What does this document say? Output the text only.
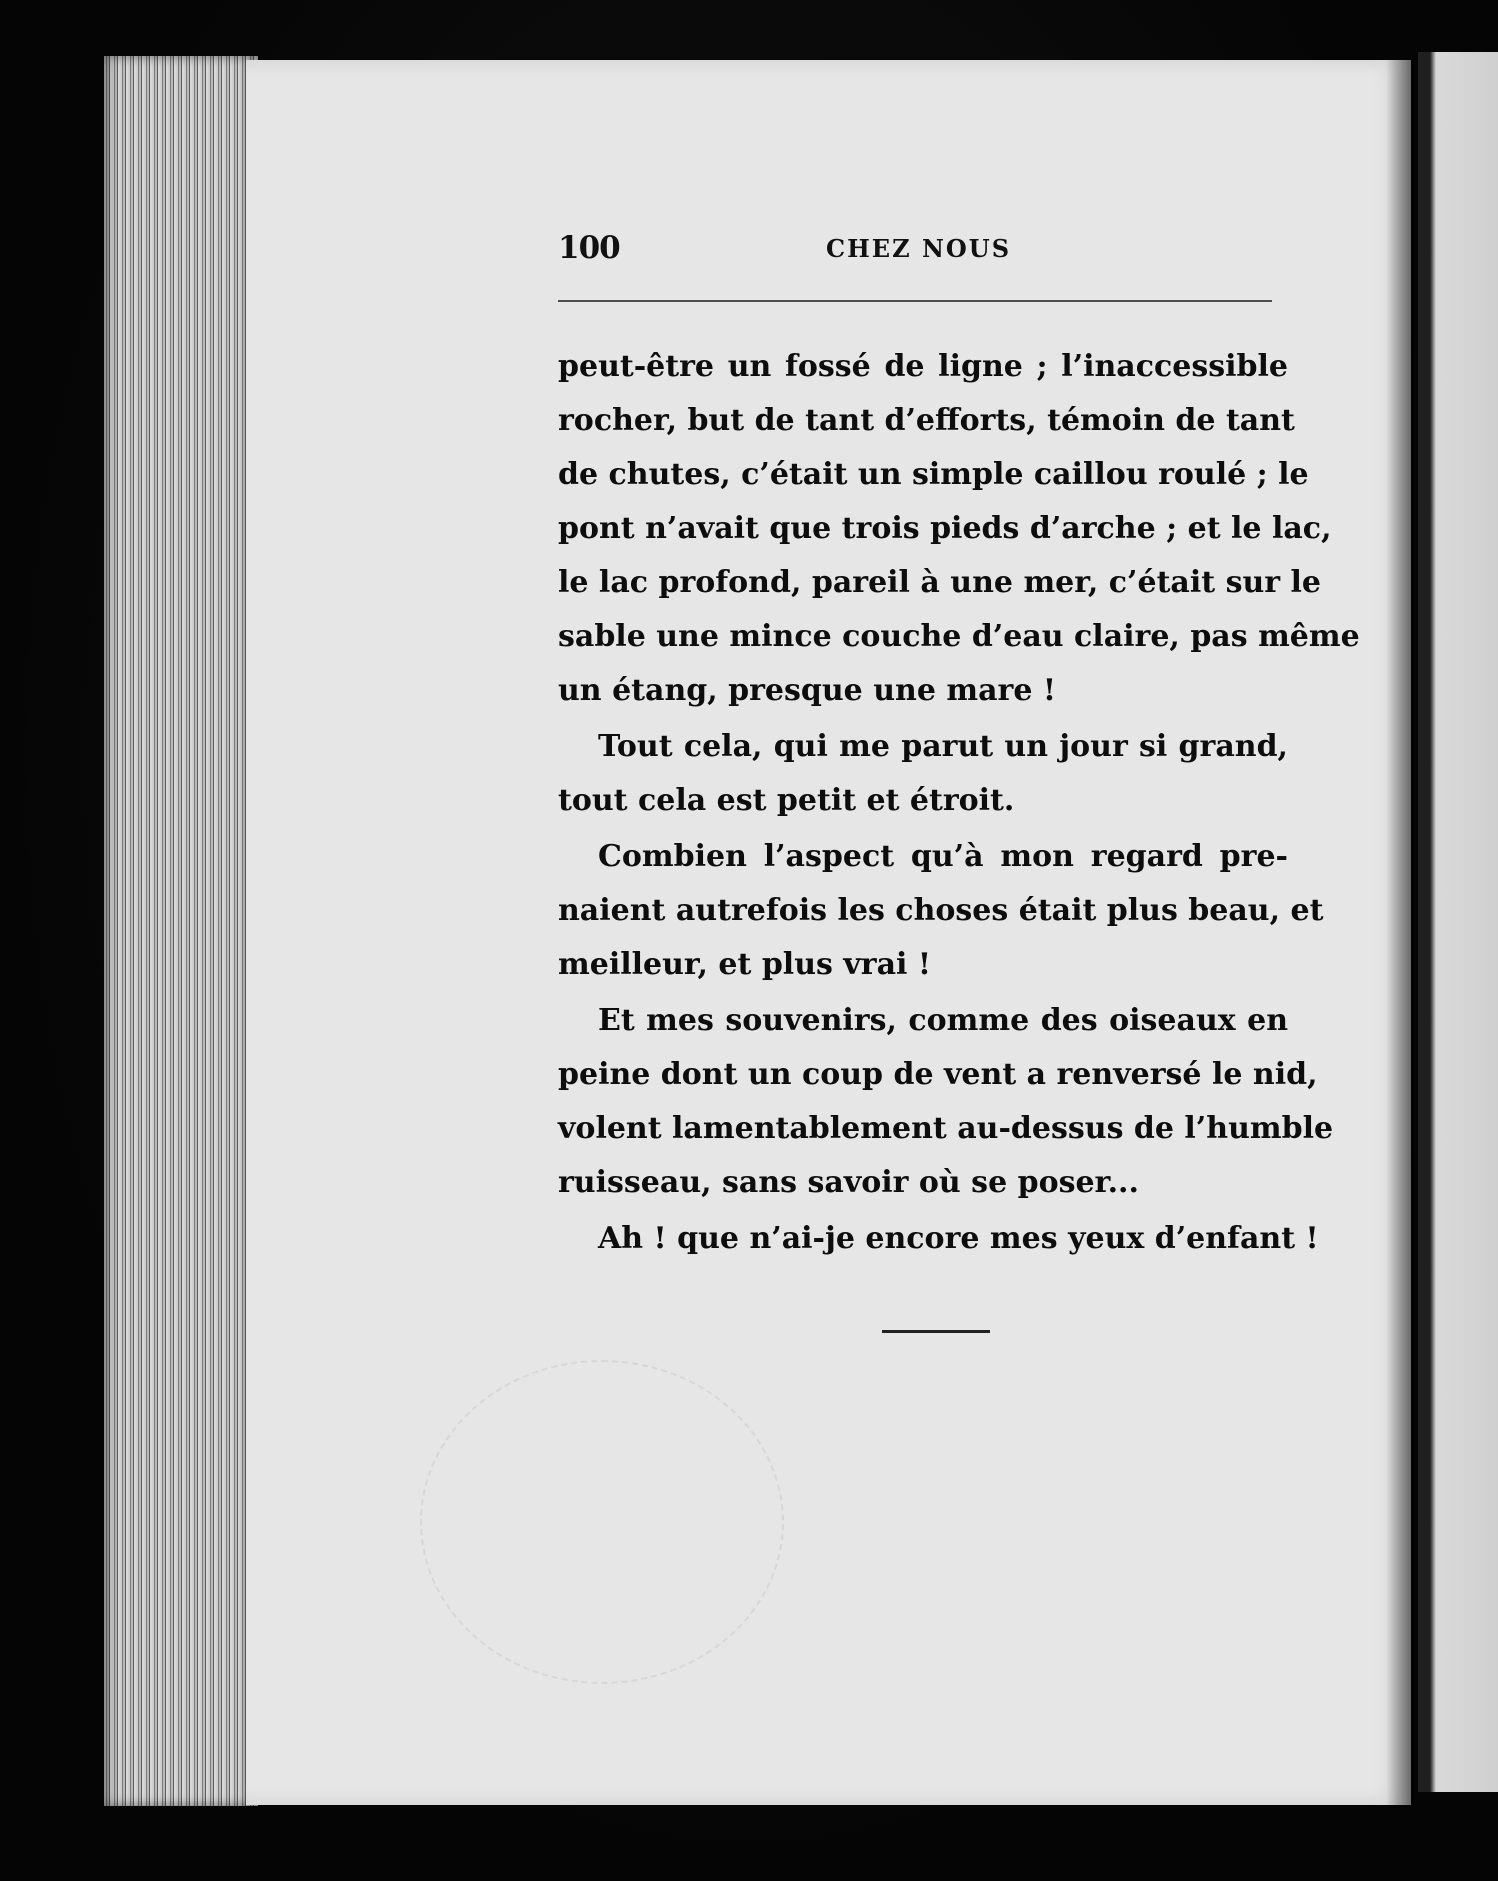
100	CHEZ NOUS
peut-être un fossé de ligne ; l’inaccessible
rocher, but de tant d’efforts, témoin de tant
de chutes, c’était un simple caillou roulé ; le
pont n’avait que trois pieds d’arche ; et le lac,
le lac profond, pareil à une mer, c’était sur le
sable une mince couche d’eau claire, pas même
un étang, presque une mare !
Tout cela, qui me parut un jour si grand,
tout cela est petit et étroit.
Combien l’aspect qu’à mon regard pre-
naient autrefois les choses était plus beau, et
meilleur, et plus vrai !
Et mes souvenirs, comme des oiseaux en
peine dont un coup de vent a renversé le nid,
volent lamentablement au-dessus de l’humble
ruisseau, sans savoir où se poser...
Ah ! que n’ai-je encore mes yeux d’enfant !
